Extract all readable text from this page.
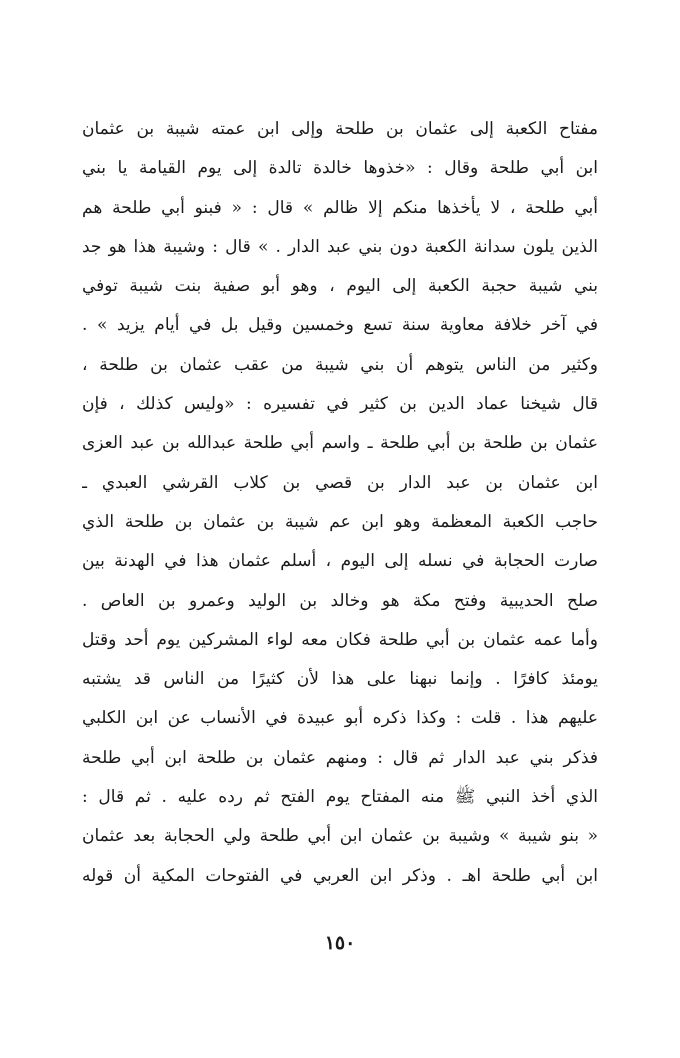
مفتاح الكعبة إلى عثمان بن طلحة وإلى ابن عمته شيبة بن عثمان
ابن أبي طلحة وقال : «خذوها خالدة تالدة إلى يوم القيامة يا بني
أبي طلحة ، لا يأخذها منكم إلا ظالم » قال : « فبنو أبي طلحة هم
الذين يلون سدانة الكعبة دون بني عبد الدار . » قال : وشيبة هذا هو جد
بني شيبة حجبة الكعبة إلى اليوم ، وهو أبو صفية بنت شيبة توفي
في آخر خلافة معاوية سنة تسع وخمسين وقيل بل في أيام يزيد » .
وكثير من الناس يتوهم أن بني شيبة من عقب عثمان بن طلحة ،
قال شيخنا عماد الدين بن كثير في تفسيره : «وليس كذلك ، فإن
عثمان بن طلحة بن أبي طلحة ـ واسم أبي طلحة عبدالله بن عبد العزى
ابن عثمان بن عبد الدار بن قصي بن كلاب القرشي العبدي ـ
حاجب الكعبة المعظمة وهو ابن عم شيبة بن عثمان بن طلحة الذي
صارت الحجابة في نسله إلى اليوم ، أسلم عثمان هذا في الهدنة بين
صلح الحديبية وفتح مكة هو وخالد بن الوليد وعمرو بن العاص .
وأما عمه عثمان بن أبي طلحة فكان معه لواء المشركين يوم أحد وقتل
يومئذ كافرًا . وإنما نبهنا على هذا لأن كثيرًا من الناس قد يشتبه
عليهم هذا . قلت : وكذا ذكره أبو عبيدة في الأنساب عن ابن الكلبي
فذكر بني عبد الدار ثم قال : ومنهم عثمان بن طلحة ابن أبي طلحة
الذي أخذ النبي ﷺ منه المفتاح يوم الفتح ثم رده عليه . ثم قال :
« بنو شيبة » وشيبة بن عثمان ابن أبي طلحة ولي الحجابة بعد عثمان
ابن أبي طلحة اهـ . وذكر ابن العربي في الفتوحات المكية أن قوله
١٥٠
